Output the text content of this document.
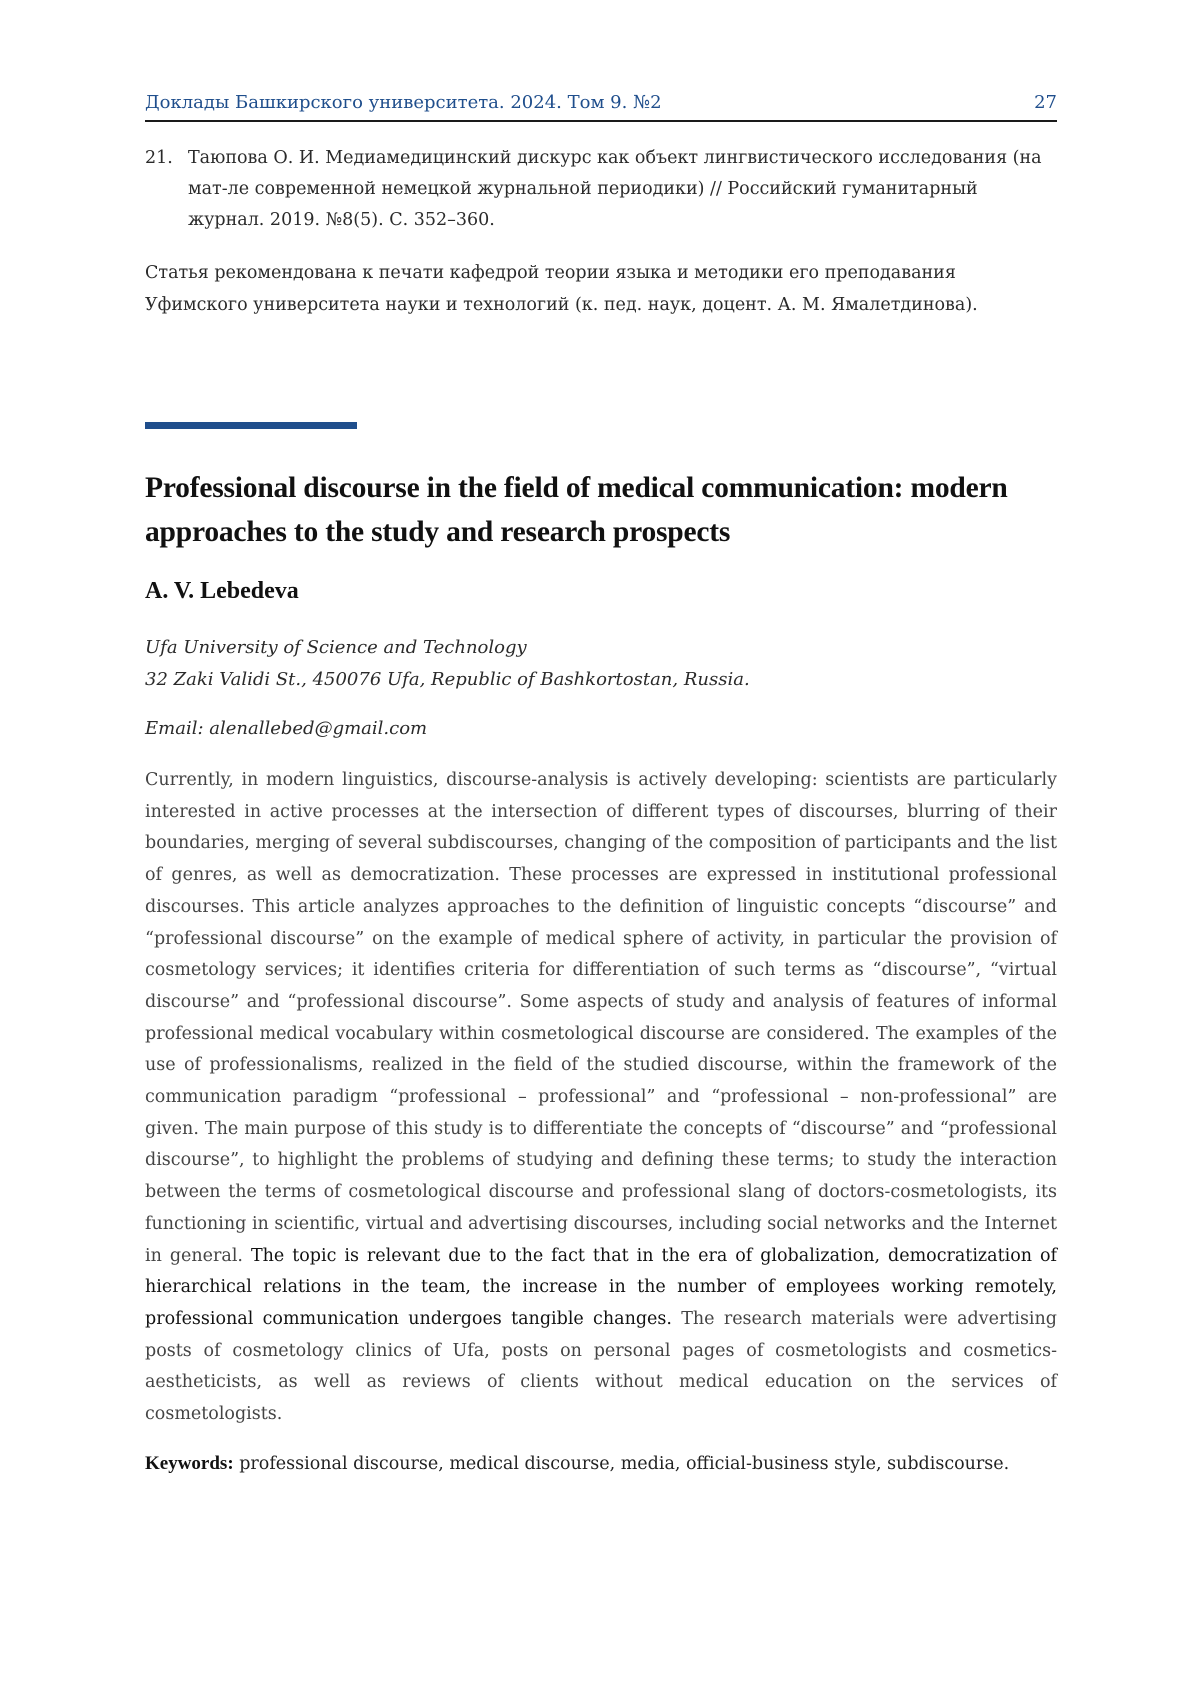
Доклады Башкирского университета. 2024. Том 9. №2	27
21. Таюпова О. И. Медиамедицинский дискурс как объект лингвистического исследования (на мат-ле современной немецкой журнальной периодики) // Российский гуманитарный журнал. 2019. №8(5). С. 352–360.
Статья рекомендована к печати кафедрой теории языка и методики его преподавания Уфимского университета науки и технологий (к. пед. наук, доцент. А. М. Ямалетдинова).
Professional discourse in the field of medical communication: modern approaches to the study and research prospects
A. V. Lebedeva
Ufa University of Science and Technology
32 Zaki Validi St., 450076 Ufa, Republic of Bashkortostan, Russia.
Email: alenallebed@gmail.com
Currently, in modern linguistics, discourse-analysis is actively developing: scientists are particularly interested in active processes at the intersection of different types of discourses, blurring of their boundaries, merging of several subdiscourses, changing of the composition of participants and the list of genres, as well as democratization. These processes are expressed in institutional professional discourses. This article analyzes approaches to the definition of linguistic concepts “discourse” and “professional discourse” on the example of medical sphere of activity, in particular the provision of cosmetology services; it identifies criteria for differentiation of such terms as “discourse”, “virtual discourse” and “professional discourse”. Some aspects of study and analysis of features of informal professional medical vocabulary within cosmetological discourse are considered. The examples of the use of professionalisms, realized in the field of the studied discourse, within the framework of the communication paradigm “professional – professional” and “professional – non-professional” are given. The main purpose of this study is to differentiate the concepts of “discourse” and “professional discourse”, to highlight the problems of studying and defining these terms; to study the interaction between the terms of cosmetological discourse and professional slang of doctors-cosmetologists, its functioning in scientific, virtual and advertising discourses, including social networks and the Internet in general. The topic is relevant due to the fact that in the era of globalization, democratization of hierarchical relations in the team, the increase in the number of employees working remotely, professional communication undergoes tangible changes. The research materials were advertising posts of cosmetology clinics of Ufa, posts on personal pages of cosmetologists and cosmetics-aestheticists, as well as reviews of clients without medical education on the services of cosmetologists.
Keywords: professional discourse, medical discourse, media, official-business style, subdiscourse.
